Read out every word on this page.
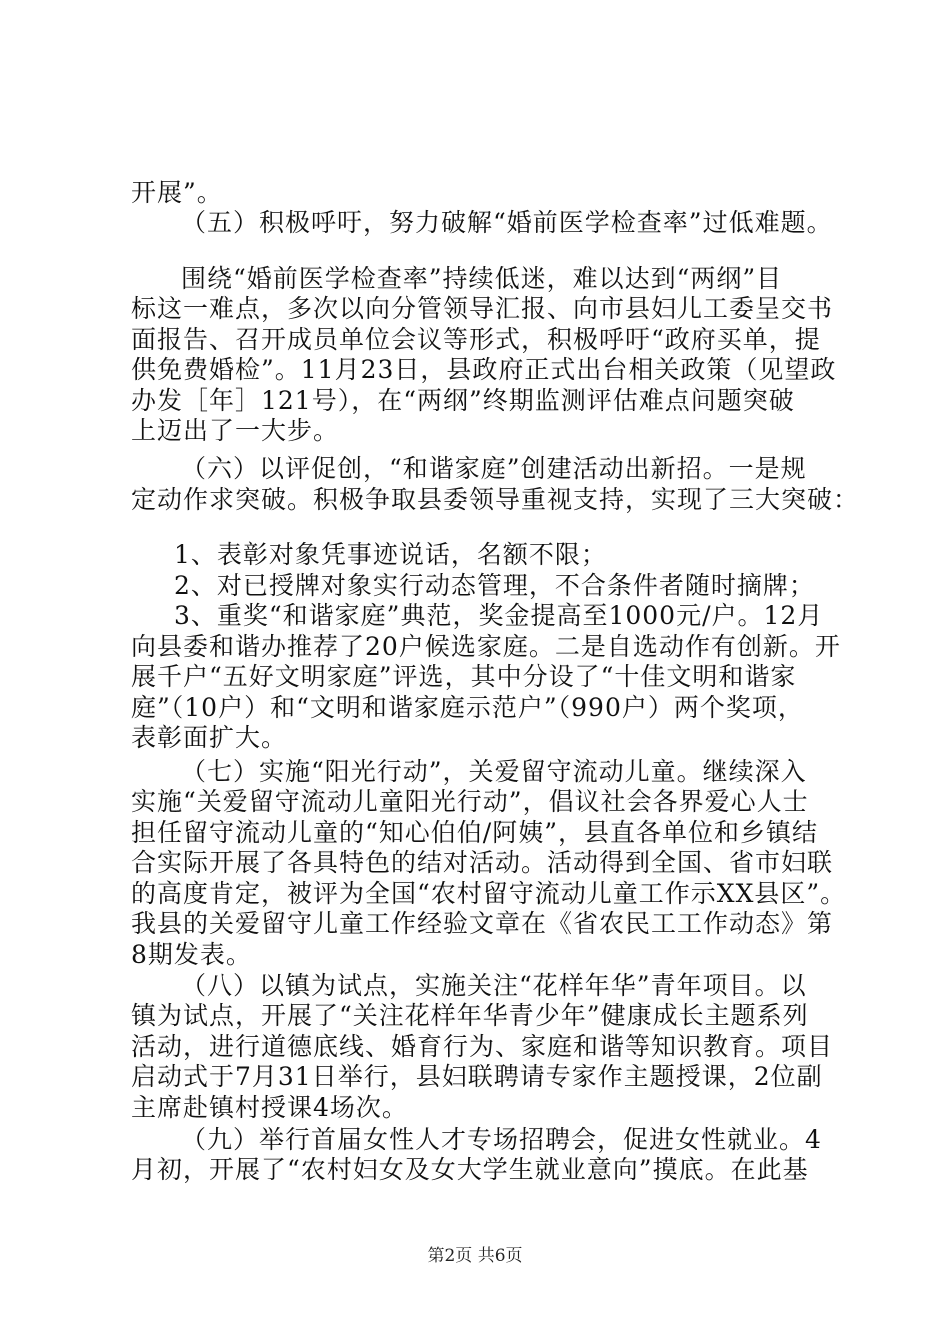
开展”。
（五）积极呼吁，努力破解“婚前医学检查率”过低难题。
围绕“婚前医学检查率”持续低迷，难以达到“两纲”目
标这一难点，多次以向分管领导汇报、向市县妇儿工委呈交书
面报告、召开成员单位会议等形式，积极呼吁“政府买单，提
供免费婚检”。11月23日，县政府正式出台相关政策（见望政
办发［年］121号），在“两纲”终期监测评估难点问题突破
上迈出了一大步。
（六）以评促创，“和谐家庭”创建活动出新招。一是规
定动作求突破。积极争取县委领导重视支持，实现了三大突破：
1、表彰对象凭事迹说话，名额不限；
2、对已授牌对象实行动态管理，不合条件者随时摘牌；
3、重奖“和谐家庭”典范，奖金提高至1000元/户。12月
向县委和谐办推荐了20户候选家庭。二是自选动作有创新。开
展千户“五好文明家庭”评选，其中分设了“十佳文明和谐家
庭”（10户）和“文明和谐家庭示范户”（990户）两个奖项，
表彰面扩大。
（七）实施“阳光行动”，关爱留守流动儿童。继续深入
实施“关爱留守流动儿童阳光行动”，倡议社会各界爱心人士
担任留守流动儿童的“知心伯伯/阿姨”，县直各单位和乡镇结
合实际开展了各具特色的结对活动。活动得到全国、省市妇联
的高度肯定，被评为全国“农村留守流动儿童工作示XX县区”。
我县的关爱留守儿童工作经验文章在《省农民工工作动态》第
8期发表。
（八）以镇为试点，实施关注“花样年华”青年项目。以
镇为试点，开展了“关注花样年华青少年”健康成长主题系列
活动，进行道德底线、婚育行为、家庭和谐等知识教育。项目
启动式于7月31日举行，县妇联聘请专家作主题授课，2位副
主席赴镇村授课4场次。
（九）举行首届女性人才专场招聘会，促进女性就业。4
月初，开展了“农村妇女及女大学生就业意向”摸底。在此基
第2页 共6页
